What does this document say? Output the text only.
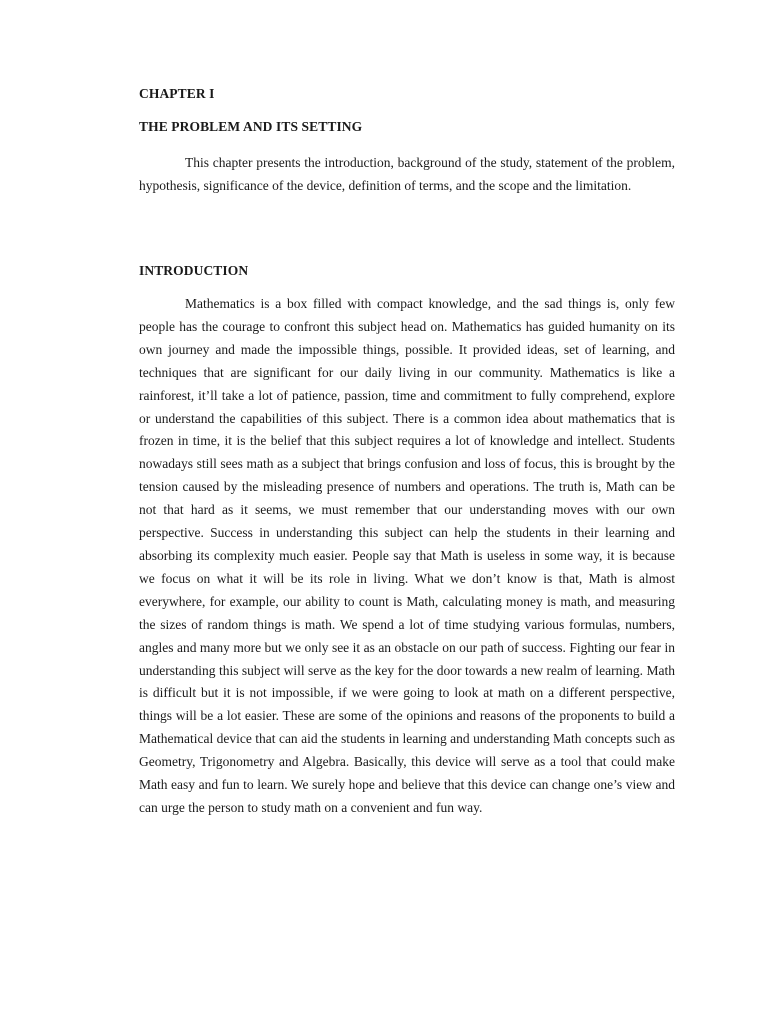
CHAPTER I
THE PROBLEM AND ITS SETTING

This chapter presents the introduction, background of the study, statement of the problem, hypothesis, significance of the device, definition of terms, and the scope and the limitation.

INTRODUCTION

Mathematics is a box filled with compact knowledge, and the sad things is, only few people has the courage to confront this subject head on. Mathematics has guided humanity on its own journey and made the impossible things, possible. It provided ideas, set of learning, and techniques that are significant for our daily living in our community. Mathematics is like a rainforest, it’ll take a lot of patience, passion, time and commitment to fully comprehend, explore or understand the capabilities of this subject. There is a common idea about mathematics that is frozen in time, it is the belief that this subject requires a lot of knowledge and intellect. Students nowadays still sees math as a subject that brings confusion and loss of focus, this is brought by the tension caused by the misleading presence of numbers and operations. The truth is, Math can be not that hard as it seems, we must remember that our understanding moves with our own perspective. Success in understanding this subject can help the students in their learning and absorbing its complexity much easier. People say that Math is useless in some way, it is because we focus on what it will be its role in living. What we don’t know is that, Math is almost everywhere, for example, our ability to count is Math, calculating money is math, and measuring the sizes of random things is math. We spend a lot of time studying various formulas, numbers, angles and many more but we only see it as an obstacle on our path of success. Fighting our fear in understanding this subject will serve as the key for the door towards a new realm of learning. Math is difficult but it is not impossible, if we were going to look at math on a different perspective, things will be a lot easier. These are some of the opinions and reasons of the proponents to build a Mathematical device that can aid the students in learning and understanding Math concepts such as Geometry, Trigonometry and Algebra. Basically, this device will serve as a tool that could make Math easy and fun to learn. We surely hope and believe that this device can change one’s view and can urge the person to study math on a convenient and fun way.
